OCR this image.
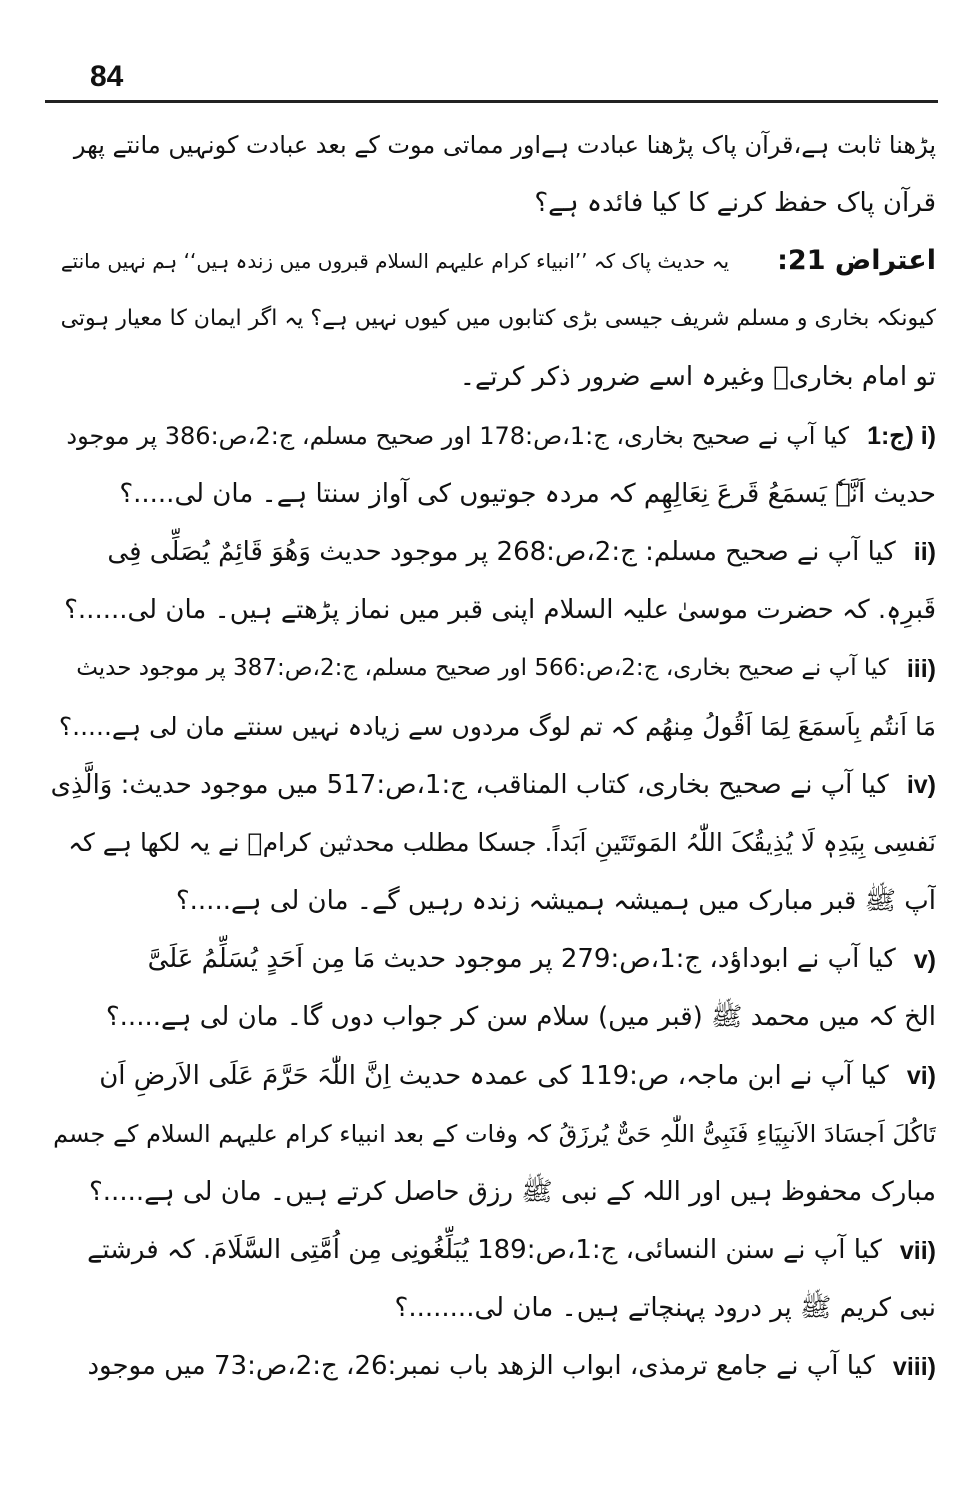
84
پڑھنا ثابت ہے،قرآن پاک پڑھنا عبادت ہےاور مماتی موت کے بعد عبادت کونہیں مانتے پھر
قرآن پاک حفظ کرنے کا کیا فائدہ ہے؟
اعتراض 21:
یہ حدیث پاک کہ ’’انبیاء کرام علیہم السلام قبروں میں زندہ ہیں‘‘ ہم نہیں مانتے
کیونکہ بخاری و مسلم شریف جیسی بڑی کتابوں میں کیوں نہیں ہے؟ یہ اگر ایمان کا معیار ہوتی
تو امام بخاریؒ وغیرہ اسے ضرور ذکر کرتے۔
ج:1) i)
کیا آپ نے صحیح بخاری، ج:1،ص:178 اور صحیح مسلم، ج:2،ص:386 پر موجود
حدیث اَنَّہٗ یَسمَعُ قَرعَ نِعَالِھِم کہ مردہ جوتیوں کی آواز سنتا ہے۔ مان لی.....؟
ii)
کیا آپ نے صحیح مسلم: ج:2،ص:268 پر موجود حدیث وَھُوَ قَائِمٌ یُصَلِّی فِی
قَبرِہٖ. کہ حضرت موسیٰ علیہ السلام اپنی قبر میں نماز پڑھتے ہیں۔ مان لی......؟
iii)
کیا آپ نے صحیح بخاری، ج:2،ص:566 اور صحیح مسلم، ج:2،ص:387 پر موجود حدیث
مَا اَنتُم بِاَسمَعَ لِمَا اَقُولُ مِنھُم کہ تم لوگ مردوں سے زیادہ نہیں سنتے مان لی ہے.....؟
iv)
کیا آپ نے صحیح بخاری، کتاب المناقب، ج:1،ص:517 میں موجود حدیث: وَالَّذِی
نَفسِی بِیَدِہٖ لَا یُذِیقُکَ اللّٰہُ المَوتَتَینِ اَبَداً. جسکا مطلب محدثین کرامؒ نے یہ لکھا ہے کہ
آپ ﷺ قبر مبارک میں ہمیشہ ہمیشہ زندہ رہیں گے۔ مان لی ہے.....؟
v)
کیا آپ نے ابوداؤد، ج:1،ص:279 پر موجود حدیث مَا مِن اَحَدٍ یُسَلِّمُ عَلَیَّ
الخ کہ میں محمد ﷺ (قبر میں) سلام سن کر جواب دوں گا۔ مان لی ہے.....؟
vi)
کیا آپ نے ابن ماجہ، ص:119 کی عمدہ حدیث اِنَّ اللّٰہَ حَرَّمَ عَلَی الاَرضِ اَن
تَاکُلَ اَجسَادَ الاَنبِیَاءِ فَنَبِیُّ اللّٰہِ حَیٌّ یُرزَقُ کہ وفات کے بعد انبیاء کرام علیہم السلام کے جسم
مبارک محفوظ ہیں اور اللہ کے نبی ﷺ رزق حاصل کرتے ہیں۔ مان لی ہے.....؟
vii)
کیا آپ نے سنن النسائی، ج:1،ص:189 یُبَلِّغُونِی مِن اُمَّتِی السَّلَامَ. کہ فرشتے
نبی کریم ﷺ پر درود پہنچاتے ہیں۔ مان لی........؟
viii)
کیا آپ نے جامع ترمذی، ابواب الزھد باب نمبر:26، ج:2،ص:73 میں موجود
